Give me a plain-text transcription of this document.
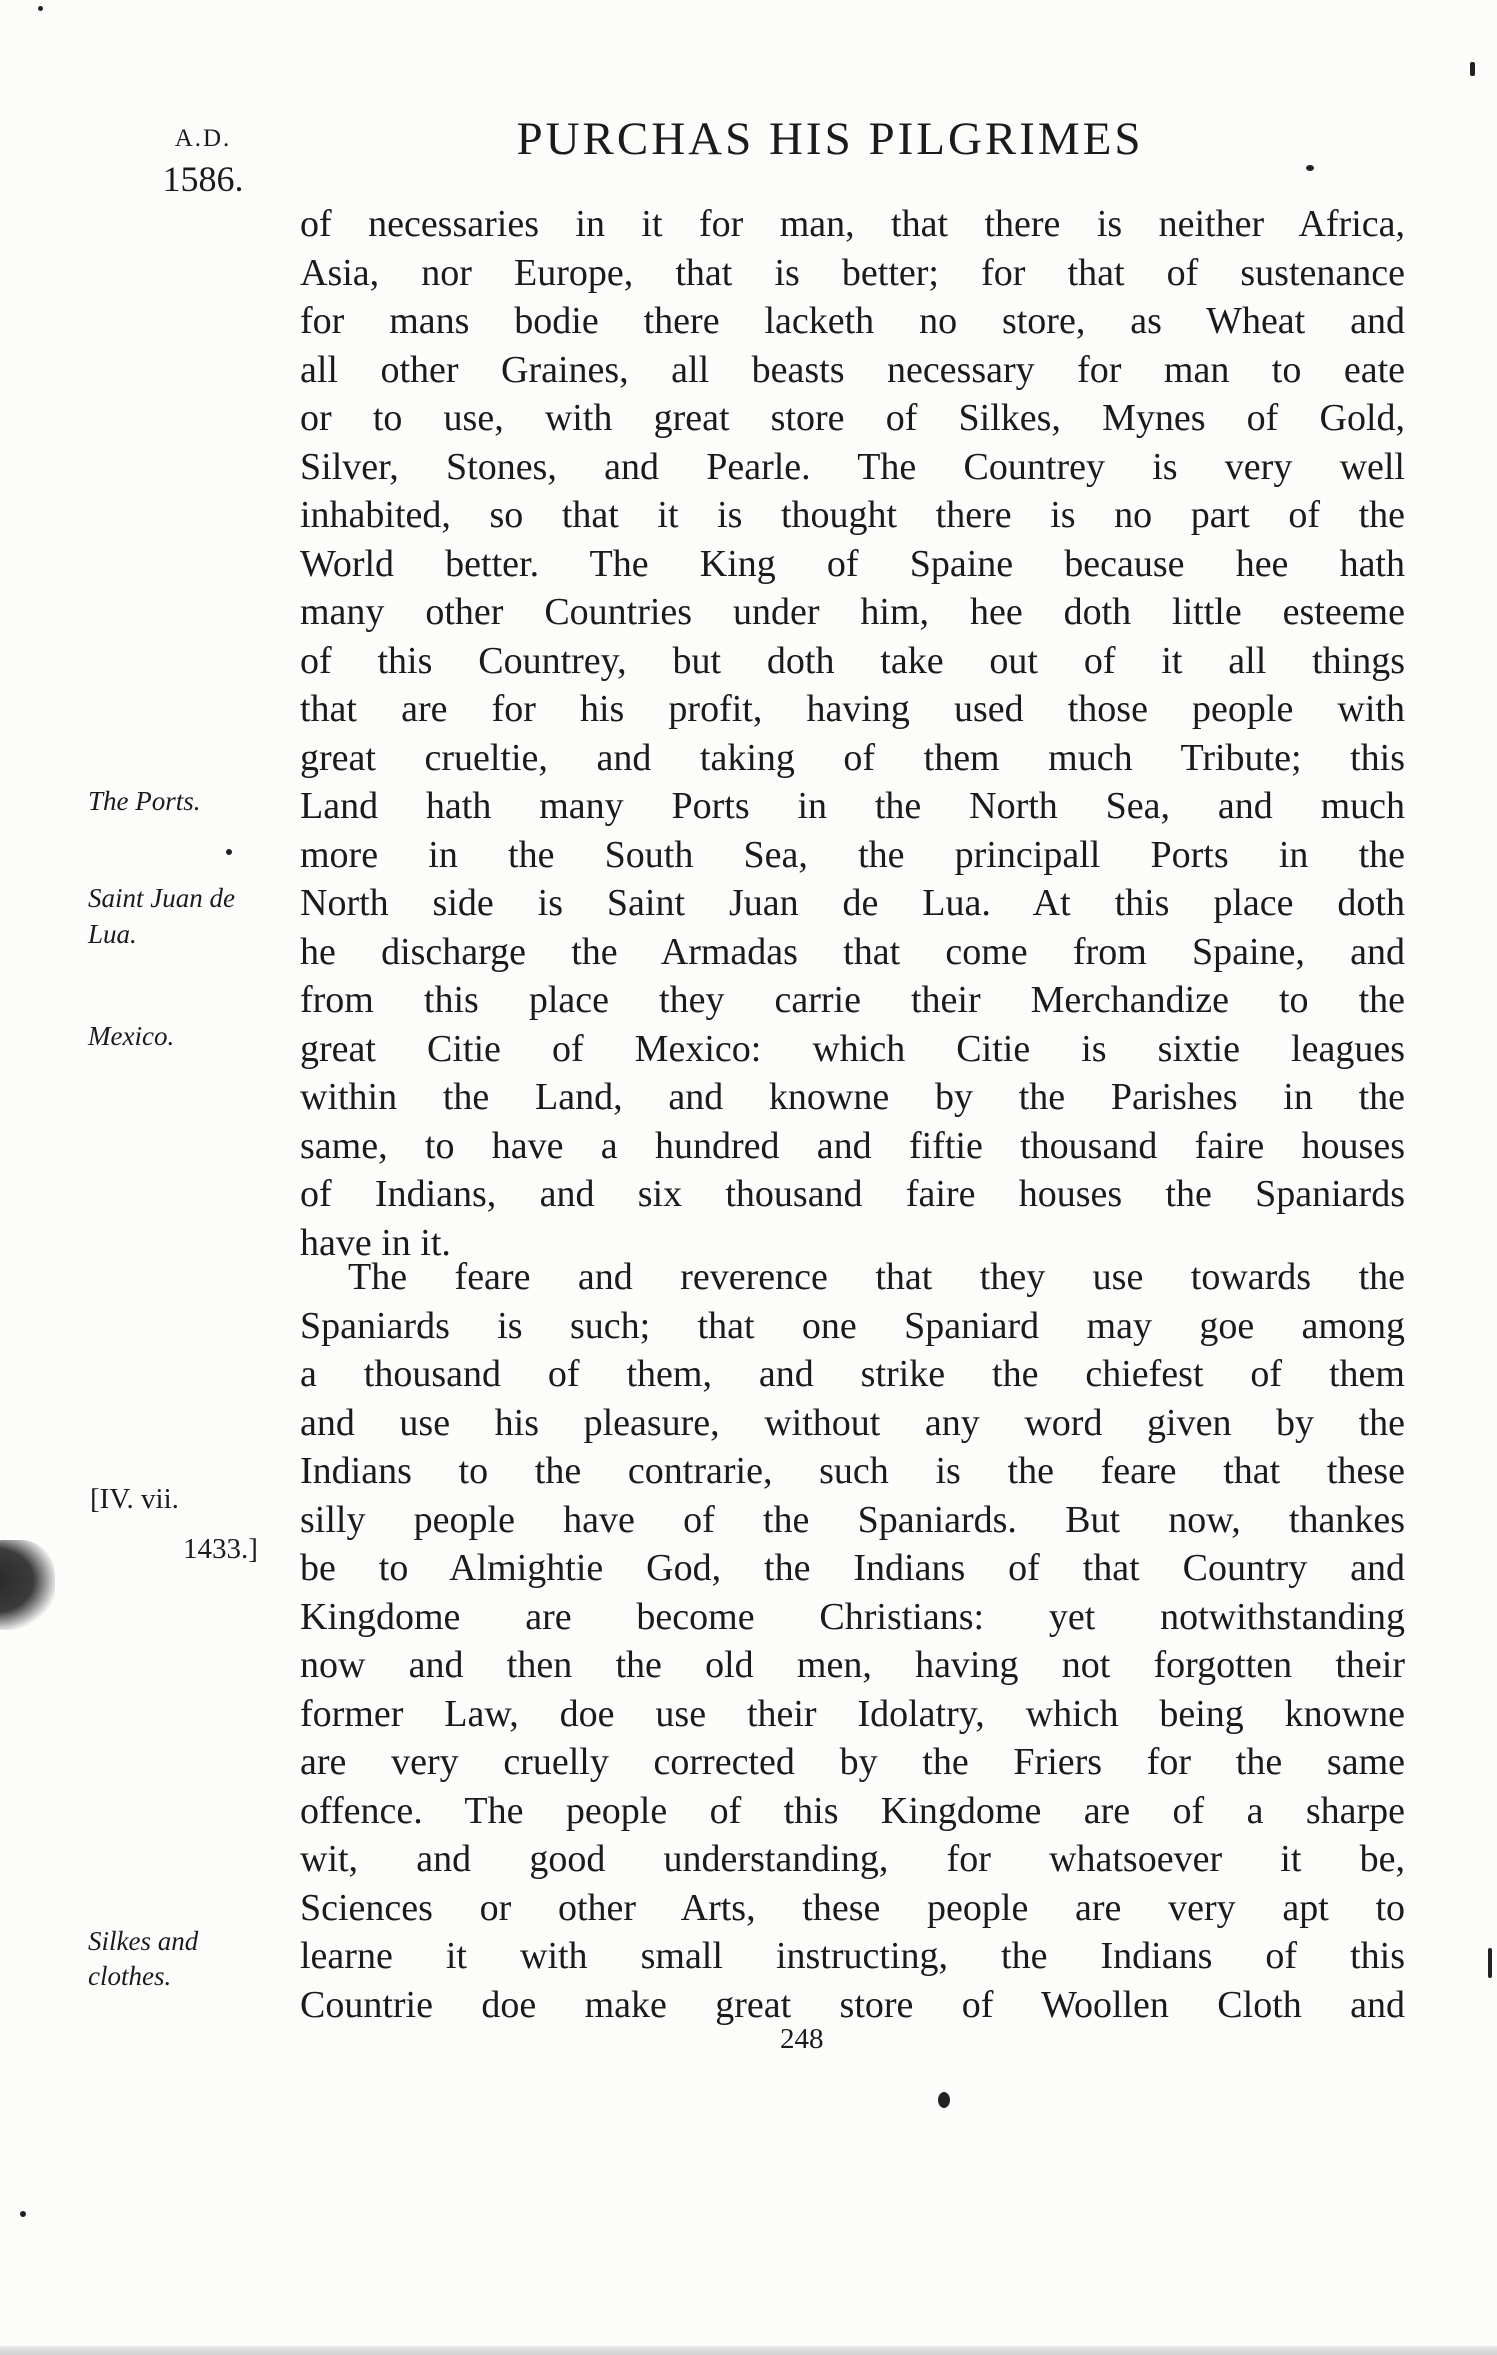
A.D.
1586.
PURCHAS HIS PILGRIMES
of necessaries in it for man, that there is neither Africa,
Asia, nor Europe, that is better; for that of sustenance
for mans bodie there lacketh no store, as Wheat and
all other Graines, all beasts necessary for man to eate
or to use, with great store of Silkes, Mynes of Gold,
Silver, Stones, and Pearle. The Countrey is very well
inhabited, so that it is thought there is no part of the
World better. The King of Spaine because hee hath
many other Countries under him, hee doth little esteeme
of this Countrey, but doth take out of it all things
that are for his profit, having used those people with
great crueltie, and taking of them much Tribute; this
Land hath many Ports in the North Sea, and much
more in the South Sea, the principall Ports in the
North side is Saint Juan de Lua. At this place doth
he discharge the Armadas that come from Spaine, and
from this place they carrie their Merchandize to the
great Citie of Mexico: which Citie is sixtie leagues
within the Land, and knowne by the Parishes in the
same, to have a hundred and fiftie thousand faire houses
of Indians, and six thousand faire houses the Spaniards
have in it.
The feare and reverence that they use towards the
Spaniards is such; that one Spaniard may goe among
a thousand of them, and strike the chiefest of them
and use his pleasure, without any word given by the
Indians to the contrarie, such is the feare that these
silly people have of the Spaniards. But now, thankes
be to Almightie God, the Indians of that Country and
Kingdome are become Christians: yet notwithstanding
now and then the old men, having not forgotten their
former Law, doe use their Idolatry, which being knowne
are very cruelly corrected by the Friers for the same
offence. The people of this Kingdome are of a sharpe
wit, and good understanding, for whatsoever it be,
Sciences or other Arts, these people are very apt to
learne it with small instructing, the Indians of this
Countrie doe make great store of Woollen Cloth and
The Ports.
Saint Juan de
Lua.
Mexico.
Silkes and
clothes.
[IV. vii.
1433.]
248
